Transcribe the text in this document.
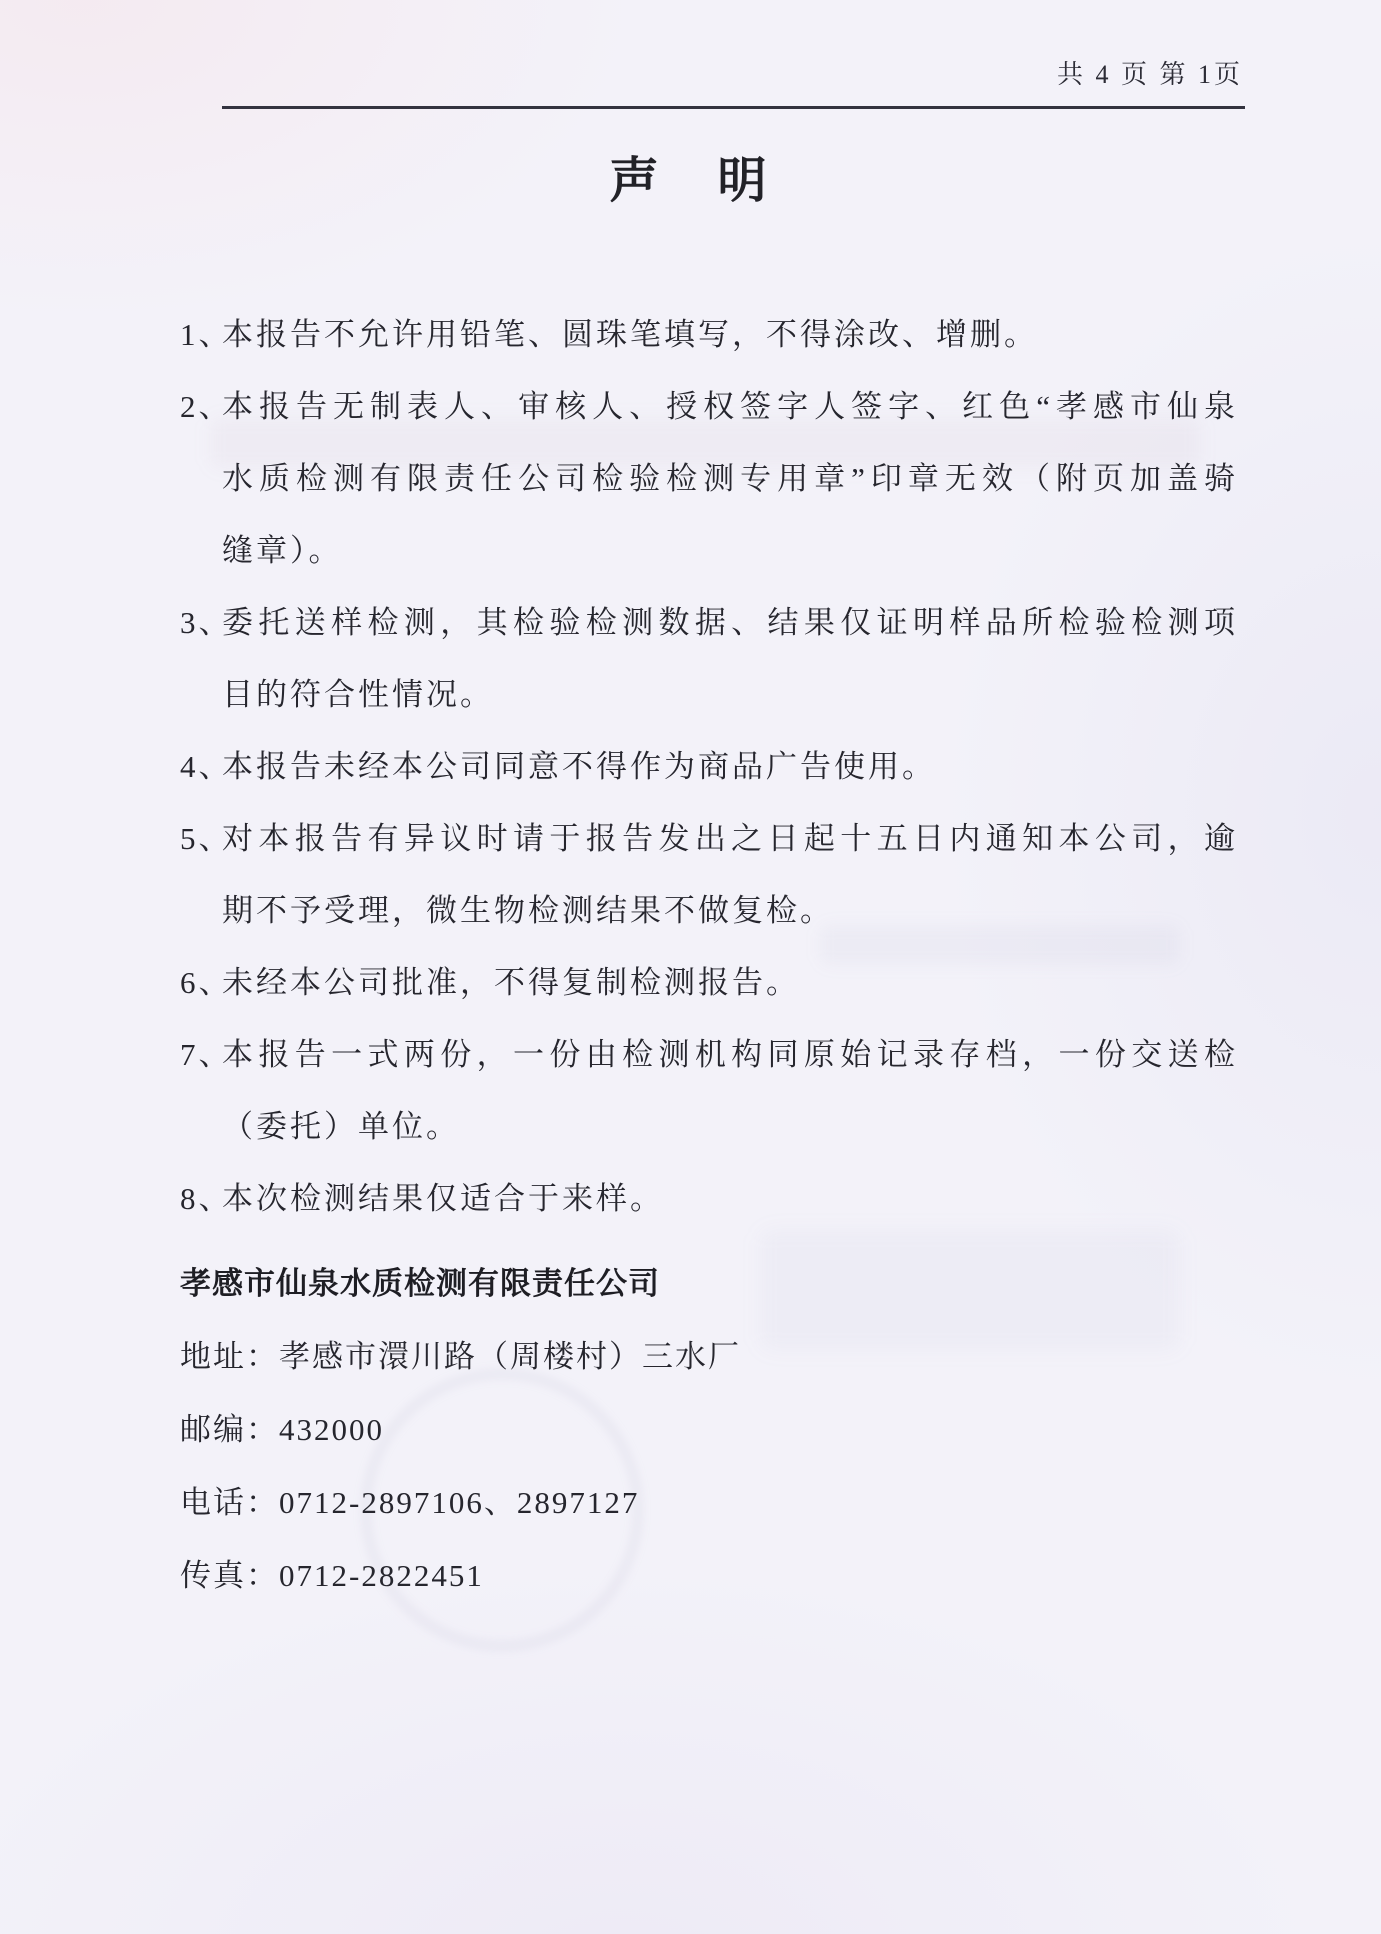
共 4 页 第 1页
声　明
1、
本报告不允许用铅笔、圆珠笔填写，不得涂改、增删。
2、
本报告无制表人、审核人、授权签字人签字、红色“孝感市仙泉
水质检测有限责任公司检验检测专用章”印章无效（附页加盖骑
缝章）。
3、
委托送样检测，其检验检测数据、结果仅证明样品所检验检测项
目的符合性情况。
4、
本报告未经本公司同意不得作为商品广告使用。
5、
对本报告有异议时请于报告发出之日起十五日内通知本公司，逾
期不予受理，微生物检测结果不做复检。
6、
未经本公司批准，不得复制检测报告。
7、
本报告一式两份，一份由检测机构同原始记录存档，一份交送检
（委托）单位。
8、
本次检测结果仅适合于来样。
孝感市仙泉水质检测有限责任公司
地址：孝感市澴川路（周楼村）三水厂
邮编：432000
电话：0712-2897106、2897127
传真：0712-2822451
